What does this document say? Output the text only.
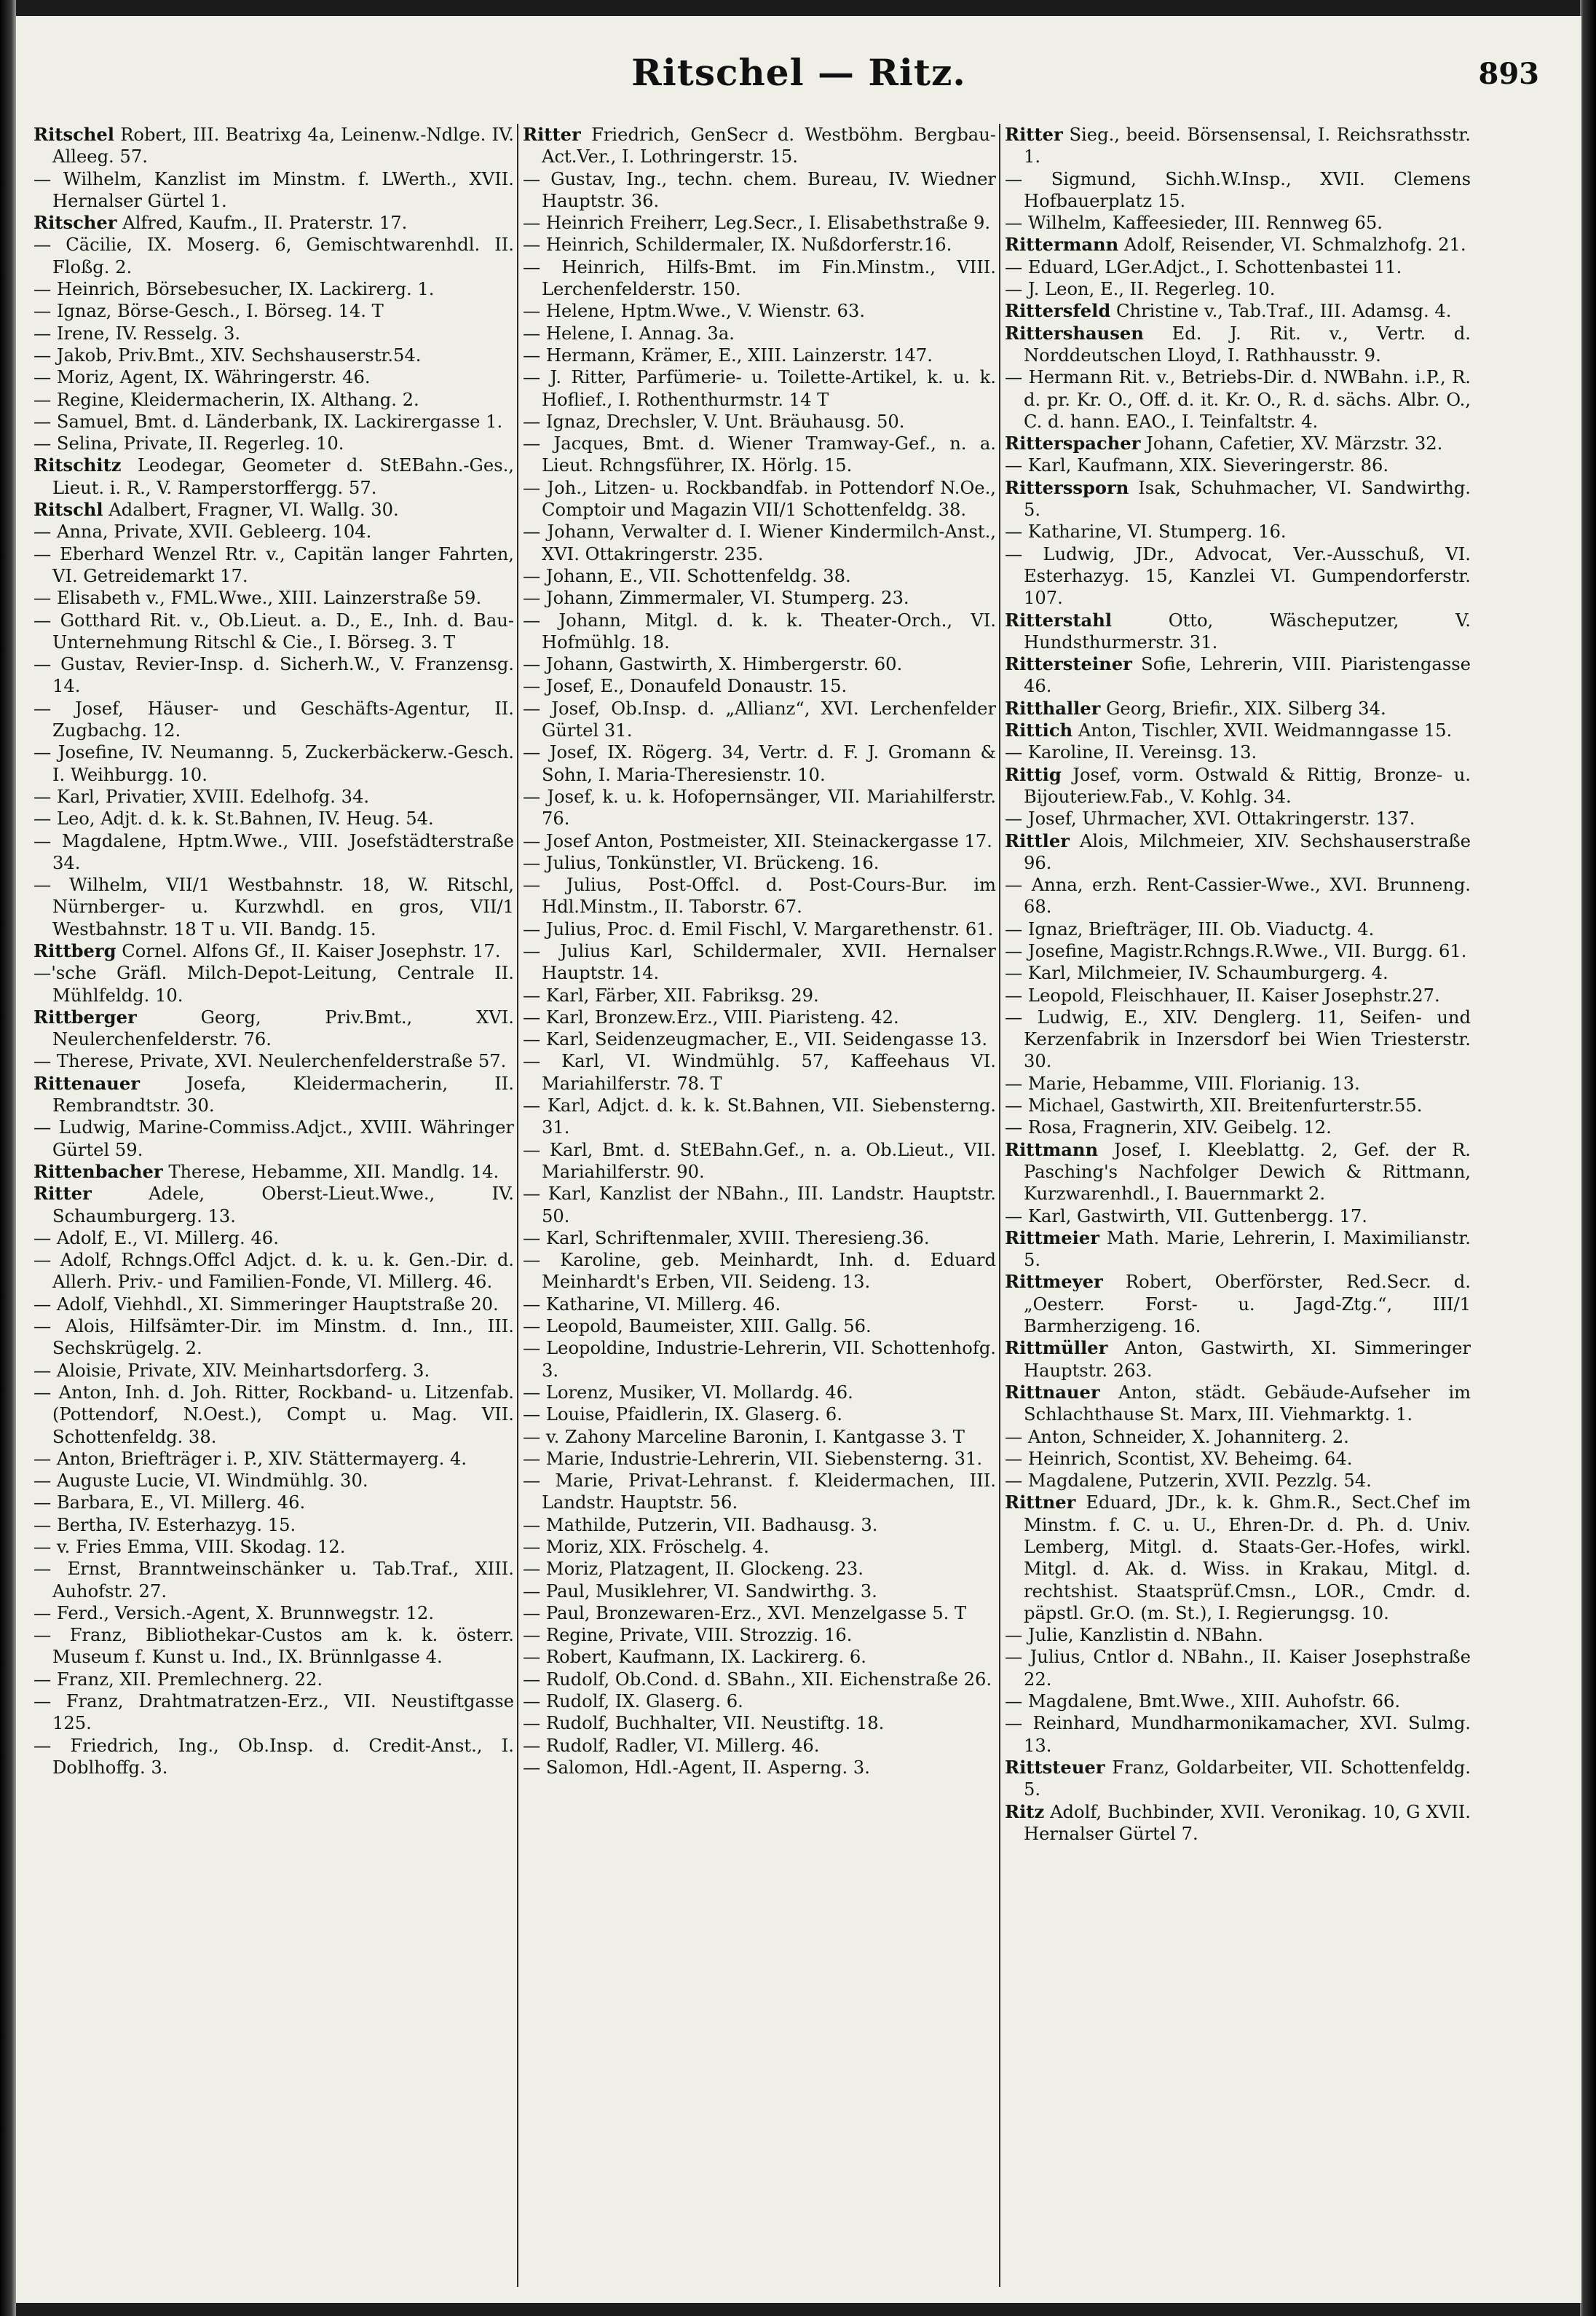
Ritschel — Ritz.	893

Ritschel Robert, III. Beatrixg 4a, Leinenw.-Ndlge. IV. Alleeg. 57.

— Wilhelm, Kanzlist im Minstm. f. LWerth., XVII. Hernalser Gürtel 1.

Ritscher Alfred, Kaufm., II. Praterstr. 17.

— Cäcilie, IX. Moserg. 6, Gemischtwarenhdl. II. Floßg. 2.

— Heinrich, Börsebesucher, IX. Lackirerg. 1.

— Ignaz, Börse-Gesch., I. Börseg. 14. T

— Irene, IV. Resselg. 3.

— Jakob, Priv.Bmt., XIV. Sechshauserstr.54.

— Moriz, Agent, IX. Währingerstr. 46.

— Regine, Kleidermacherin, IX. Althang. 2.

— Samuel, Bmt. d. Länderbank, IX. Lackirergasse 1.

— Selina, Private, II. Regerleg. 10.

Ritschitz Leodegar, Geometer d. StEBahn.-Ges., Lieut. i. R., V. Ramperstorffergg. 57.

Ritschl Adalbert, Fragner, VI. Wallg. 30.

— Anna, Private, XVII. Gebleerg. 104.

— Eberhard Wenzel Rtr. v., Capitän langer Fahrten, VI. Getreidemarkt 17.

— Elisabeth v., FML.Wwe., XIII. Lainzerstraße 59.

— Gotthard Rit. v., Ob.Lieut. a. D., E., Inh. d. Bau-Unternehmung Ritschl & Cie., I. Börseg. 3. T

— Gustav, Revier-Insp. d. Sicherh.W., V. Franzensg. 14.

— Josef, Häuser- und Geschäfts-Agentur, II. Zugbachg. 12.

— Josefine, IV. Neumanng. 5, Zuckerbäckerw.-Gesch. I. Weihburgg. 10.

— Karl, Privatier, XVIII. Edelhofg. 34.

— Leo, Adjt. d. k. k. St.Bahnen, IV. Heug. 54.

— Magdalene, Hptm.Wwe., VIII. Josefstädterstraße 34.

— Wilhelm, VII/1 Westbahnstr. 18, W. Ritschl, Nürnberger- u. Kurzwhdl. en gros, VII/1 Westbahnstr. 18 T u. VII. Bandg. 15.

Rittberg Cornel. Alfons Gf., II. Kaiser Josephstr. 17.

—'sche Gräfl. Milch-Depot-Leitung, Centrale II. Mühlfeldg. 10.

Rittberger	Georg, Priv.Bmt., XVI. Neulerchenfelderstr. 76.

— Therese, Private, XVI. Neulerchenfelderstraße 57.

Rittenauer	Josefa, Kleidermacherin, II. Rembrandtstr. 30.

— Ludwig, Marine-Commiss.Adjct., XVIII. Währinger Gürtel 59.

Rittenbacher Therese, Hebamme, XII. Mandlg. 14.

Ritter	Adele, Oberst-Lieut.Wwe., IV. Schaumburgerg. 13.

— Adolf, E., VI. Millerg. 46.

— Adolf, Rchngs.Offcl Adjct. d. k. u. k. Gen.-Dir. d. Allerh. Priv.- und Familien-Fonde, VI. Millerg. 46.

— Adolf, Viehhdl., XI. Simmeringer Hauptstraße 20.

— Alois, Hilfsämter-Dir. im Minstm. d. Inn., III. Sechskrügelg. 2.

— Aloisie, Private, XIV. Meinhartsdorferg. 3.

— Anton, Inh. d. Joh. Ritter, Rockband- u. Litzenfab. (Pottendorf, N.Oest.), Compt u. Mag. VII. Schottenfeldg. 38.

— Anton, Briefträger i. P., XIV. Stättermayerg. 4.

— Auguste Lucie, VI. Windmühlg. 30.

— Barbara, E., VI. Millerg. 46.

— Bertha, IV. Esterhazyg. 15.

— v. Fries Emma, VIII. Skodag. 12.

— Ernst, Branntweinschänker u. Tab.Traf., XIII. Auhofstr. 27.

— Ferd., Versich.-Agent, X. Brunnwegstr. 12.

— Franz, Bibliothekar-Custos am k. k. österr. Museum f. Kunst u. Ind., IX. Brünnlgasse 4.

— Franz, XII. Premlechnerg. 22.

— Franz, Drahtmatratzen-Erz., VII. Neustiftgasse 125.

— Friedrich, Ing., Ob.Insp. d. Credit-Anst., I. Doblhoffg. 3.

Ritter Friedrich, GenSecr d. Westböhm. Bergbau-Act.Ver., I. Lothringerstr. 15.

— Gustav, Ing., techn. chem. Bureau, IV. Wiedner Hauptstr. 36.

— Heinrich Freiherr, Leg.Secr., I. Elisabethstraße 9.

— Heinrich, Schildermaler, IX. Nußdorferstr.16.

— Heinrich, Hilfs-Bmt. im Fin.Minstm., VIII. Lerchenfelderstr. 150.

— Helene, Hptm.Wwe., V. Wienstr. 63.

— Helene, I. Annag. 3a.

— Hermann, Krämer, E., XIII. Lainzerstr. 147.

— J. Ritter, Parfümerie- u. Toilette-Artikel, k. u. k. Hoflief., I. Rothenthurmstr. 14 T

— Ignaz, Drechsler, V. Unt. Bräuhausg. 50.

— Jacques, Bmt. d. Wiener Tramway-Gef., n. a. Lieut. Rchngsführer, IX. Hörlg. 15.

— Joh., Litzen- u. Rockbandfab. in Pottendorf N.Oe., Comptoir und Magazin VII/1 Schottenfeldg. 38.

— Johann, Verwalter d. I. Wiener Kindermilch-Anst., XVI. Ottakringerstr. 235.

— Johann, E., VII. Schottenfeldg. 38.

— Johann, Zimmermaler, VI. Stumperg. 23.

— Johann, Mitgl. d. k. k. Theater-Orch., VI. Hofmühlg. 18.

— Johann, Gastwirth, X. Himbergerstr. 60.

— Josef, E., Donaufeld Donaustr. 15.

— Josef, Ob.Insp. d. „Allianz“, XVI. Lerchenfelder Gürtel 31.

— Josef, IX. Rögerg. 34, Vertr. d. F. J. Gromann & Sohn, I. Maria-Theresienstr. 10.

— Josef, k. u. k. Hofopernsänger, VII. Mariahilferstr. 76.

— Josef Anton, Postmeister, XII. Steinackergasse 17.

— Julius, Tonkünstler, VI. Brückeng. 16.

— Julius, Post-Offcl. d. Post-Cours-Bur. im Hdl.Minstm., II. Taborstr. 67.

— Julius, Proc. d. Emil Fischl, V. Margarethenstr. 61.

— Julius Karl, Schildermaler, XVII. Hernalser Hauptstr. 14.

— Karl, Färber, XII. Fabriksg. 29.

— Karl, Bronzew.Erz., VIII. Piaristeng. 42.

— Karl, Seidenzeugmacher, E., VII. Seidengasse 13.

— Karl, VI. Windmühlg. 57, Kaffeehaus VI. Mariahilferstr. 78. T

— Karl, Adjct. d. k. k. St.Bahnen, VII. Siebensterng. 31.

— Karl, Bmt. d. StEBahn.Gef., n. a. Ob.Lieut., VII. Mariahilferstr. 90.

— Karl, Kanzlist der NBahn., III. Landstr. Hauptstr. 50.

— Karl, Schriftenmaler, XVIII. Theresieng.36.

— Karoline, geb. Meinhardt, Inh. d. Eduard Meinhardt's Erben, VII. Seideng. 13.

— Katharine, VI. Millerg. 46.

— Leopold, Baumeister, XIII. Gallg. 56.

— Leopoldine, Industrie-Lehrerin, VII. Schottenhofg. 3.

— Lorenz, Musiker, VI. Mollardg. 46.

— Louise, Pfaidlerin, IX. Glaserg. 6.

— v. Zahony Marceline Baronin, I. Kantgasse 3. T

— Marie, Industrie-Lehrerin, VII. Siebensterng. 31.

— Marie, Privat-Lehranst. f. Kleidermachen, III. Landstr. Hauptstr. 56.

— Mathilde, Putzerin, VII. Badhausg. 3.

— Moriz, XIX. Fröschelg. 4.

— Moriz, Platzagent, II. Glockeng. 23.

— Paul, Musiklehrer, VI. Sandwirthg. 3.

— Paul, Bronzewaren-Erz., XVI. Menzelgasse 5. T

— Regine, Private, VIII. Strozzig. 16.

— Robert, Kaufmann, IX. Lackirerg. 6.

— Rudolf, Ob.Cond. d. SBahn., XII. Eichenstraße 26.

— Rudolf, IX. Glaserg. 6.

— Rudolf, Buchhalter, VII. Neustiftg. 18.

— Rudolf, Radler, VI. Millerg. 46.

— Salomon, Hdl.-Agent, II. Asperng. 3.

Ritter Sieg., beeid. Börsensensal, I. Reichsrathsstr. 1.

— Sigmund, Sichh.W.Insp., XVII. Clemens Hofbauerplatz 15.

— Wilhelm, Kaffeesieder, III. Rennweg 65.

Rittermann Adolf, Reisender, VI. Schmalzhofg. 21.

— Eduard, LGer.Adjct., I. Schottenbastei 11.

— J. Leon, E., II. Regerleg. 10.

Rittersfeld Christine v., Tab.Traf., III. Adamsg. 4.

Rittershausen Ed. J. Rit. v., Vertr. d. Norddeutschen Lloyd, I. Rathhausstr. 9.

— Hermann Rit. v., Betriebs-Dir. d. NWBahn. i.P., R. d. pr. Kr. O., Off. d. it. Kr. O., R. d. sächs. Albr. O., C. d. hann. EAO., I. Teinfaltstr. 4.

Ritterspacher Johann, Cafetier, XV. Märzstr. 32.

— Karl, Kaufmann, XIX. Sieveringerstr. 86.

Ritterssporn Isak, Schuhmacher, VI. Sandwirthg. 5.

— Katharine, VI. Stumperg. 16.

— Ludwig, JDr., Advocat, Ver.-Ausschuß, VI. Esterhazyg. 15, Kanzlei VI. Gumpendorferstr. 107.

Ritterstahl	Otto, Wäscheputzer, V. Hundsthurmerstr. 31.

Rittersteiner Sofie, Lehrerin, VIII. Piaristengasse 46.

Ritthaller Georg, Briefir., XIX. Silberg 34.

Rittich Anton, Tischler, XVII. Weidmanngasse 15.

— Karoline, II. Vereinsg. 13.

Rittig Josef, vorm. Ostwald & Rittig, Bronze- u. Bijouteriew.Fab., V. Kohlg. 34.

— Josef, Uhrmacher, XVI. Ottakringerstr. 137.

Rittler Alois, Milchmeier, XIV. Sechshauserstraße 96.

— Anna, erzh. Rent-Cassier-Wwe., XVI. Brunneng. 68.

— Ignaz, Briefträger, III. Ob. Viaductg. 4.

— Josefine, Magistr.Rchngs.R.Wwe., VII. Burgg. 61.

— Karl, Milchmeier, IV. Schaumburgerg. 4.

— Leopold, Fleischhauer, II. Kaiser Josephstr.27.

— Ludwig, E., XIV. Denglerg. 11, Seifen- und Kerzenfabrik in Inzersdorf bei Wien Triesterstr. 30.

— Marie, Hebamme, VIII. Florianig. 13.

— Michael, Gastwirth, XII. Breitenfurterstr.55.

— Rosa, Fragnerin, XIV. Geibelg. 12.

Rittmann Josef, I. Kleeblattg. 2, Gef. der R. Pasching's Nachfolger Dewich & Rittmann, Kurzwarenhdl., I. Bauernmarkt 2.

— Karl, Gastwirth, VII. Guttenbergg. 17.

Rittmeier Math. Marie, Lehrerin, I. Maximilianstr. 5.

Rittmeyer Robert, Oberförster, Red.Secr. d. „Oesterr. Forst- u. Jagd-Ztg.“, III/1 Barmherzigeng. 16.

Rittmüller Anton, Gastwirth, XI. Simmeringer Hauptstr. 263.

Rittnauer Anton, städt. Gebäude-Aufseher im Schlachthause St. Marx, III. Viehmarktg. 1.

— Anton, Schneider, X. Johanniterg. 2.

— Heinrich, Scontist, XV. Beheimg. 64.

— Magdalene, Putzerin, XVII. Pezzlg. 54.

Rittner Eduard, JDr., k. k. Ghm.R., Sect.Chef im Minstm. f. C. u. U., Ehren-Dr. d. Ph. d. Univ. Lemberg, Mitgl. d. Staats-Ger.-Hofes, wirkl. Mitgl. d. Ak. d. Wiss. in Krakau, Mitgl. d. rechtshist. Staatsprüf.Cmsn., LOR., Cmdr. d. päpstl. Gr.O. (m. St.), I. Regierungsg. 10.

— Julie, Kanzlistin d. NBahn.

— Julius, Cntlor d. NBahn., II. Kaiser Josephstraße 22.

— Magdalene, Bmt.Wwe., XIII. Auhofstr. 66.

— Reinhard, Mundharmonikamacher, XVI. Sulmg. 13.

Rittsteuer Franz, Goldarbeiter, VII. Schottenfeldg. 5.

Ritz Adolf, Buchbinder, XVII. Veronikag. 10, G XVII. Hernalser Gürtel 7.
